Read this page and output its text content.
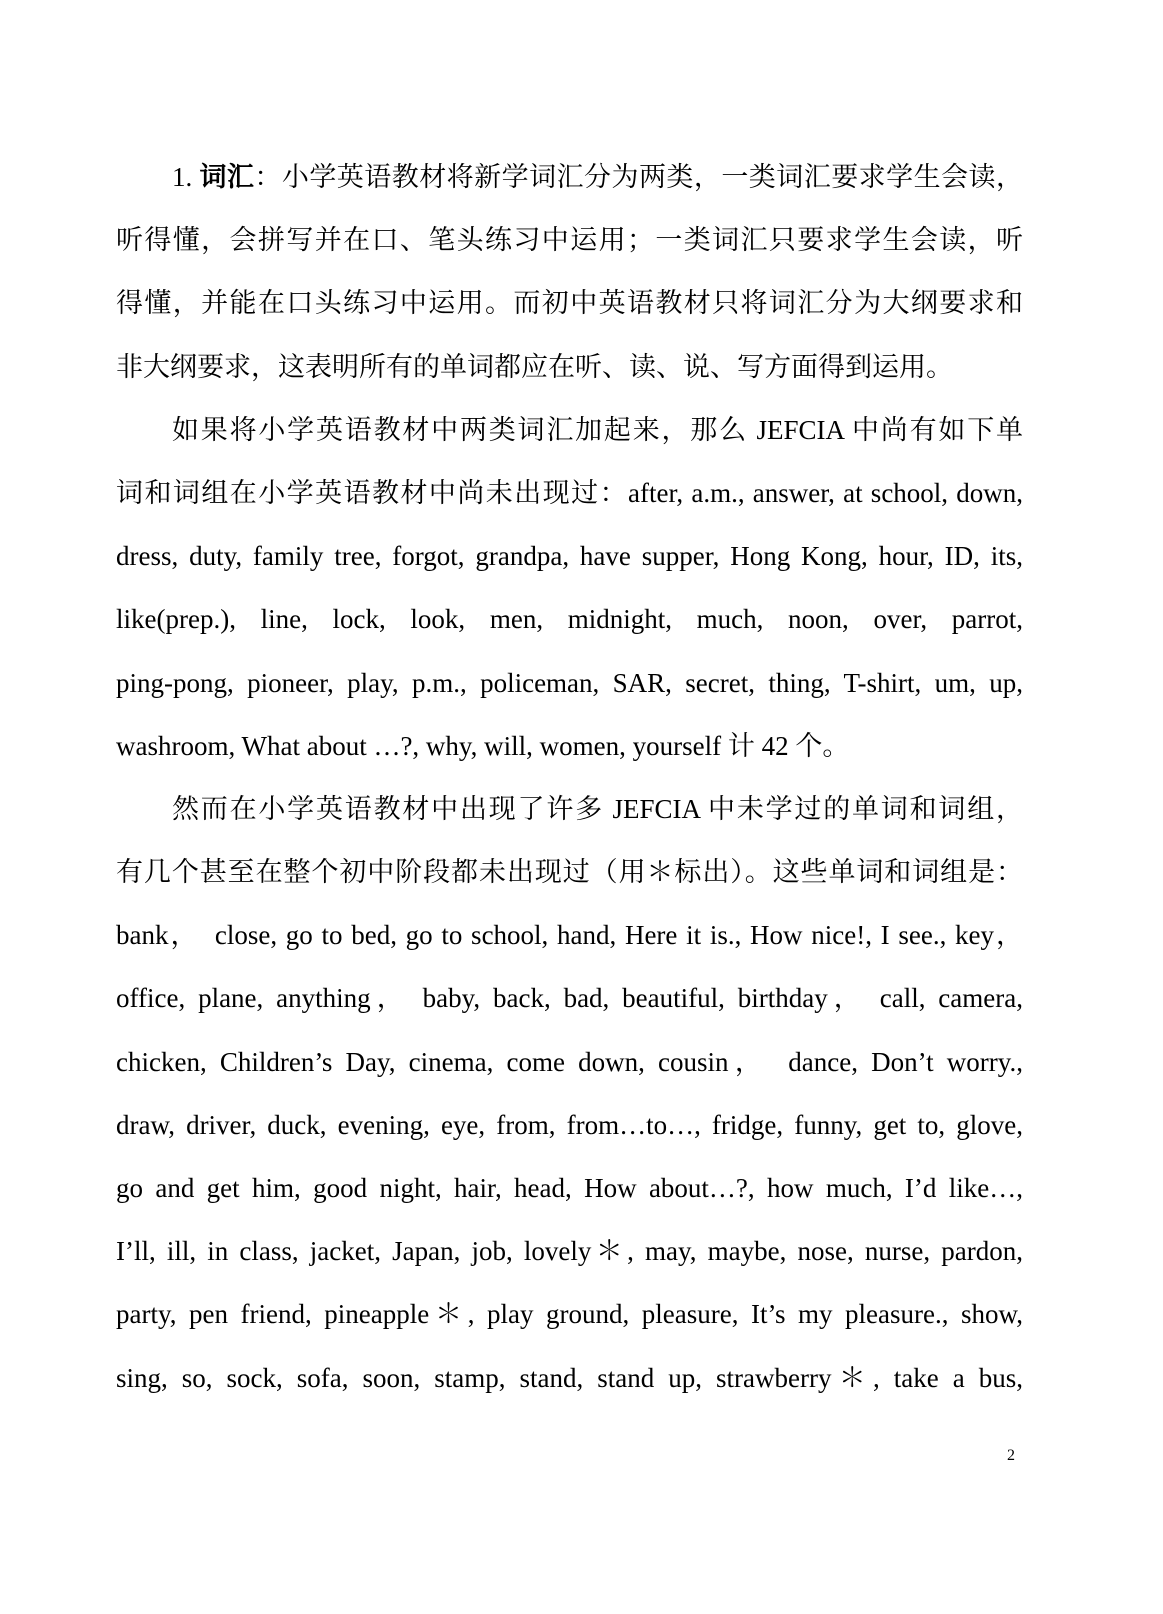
1. 词汇：小学英语教材将新学词汇分为两类，一类词汇要求学生会读，
听得懂，会拼写并在口、笔头练习中运用；一类词汇只要求学生会读，听
得懂，并能在口头练习中运用。而初中英语教材只将词汇分为大纲要求和
非大纲要求，这表明所有的单词都应在听、读、说、写方面得到运用。
如果将小学英语教材中两类词汇加起来，那么 JEFCIA 中尚有如下单
词和词组在小学英语教材中尚未出现过：after, a.m., answer, at school, down,
dress, duty, family tree, forgot, grandpa, have supper, Hong Kong, hour, ID, its,
like(prep.), line, lock, look, men, midnight, much, noon, over, parrot,
ping-pong, pioneer, play, p.m., policeman, SAR, secret, thing, T-shirt, um, up,
washroom, What about …?, why, will, women, yourself 计 42 个。
然而在小学英语教材中出现了许多 JEFCIA 中未学过的单词和词组，
有几个甚至在整个初中阶段都未出现过（用＊标出）。这些单词和词组是：
bank，　close, go to bed, go to school, hand, Here it is., How nice!, I see., key，
office, plane, anything， baby, back, bad, beautiful, birthday， call, camera,
chicken, Children’s Day, cinema, come down, cousin，　dance, Don’t worry.,
draw, driver, duck, evening, eye, from, from…to…, fridge, funny, get to, glove,
go and get him, good night, hair, head, How about…?, how much, I’d like…,
I’ll, ill, in class, jacket, Japan, job, lovely＊, may, maybe, nose, nurse, pardon,
party, pen friend, pineapple＊, play ground, pleasure, It’s my pleasure., show,
sing, so, sock, sofa, soon, stamp, stand, stand up, strawberry＊, take a bus,
2
